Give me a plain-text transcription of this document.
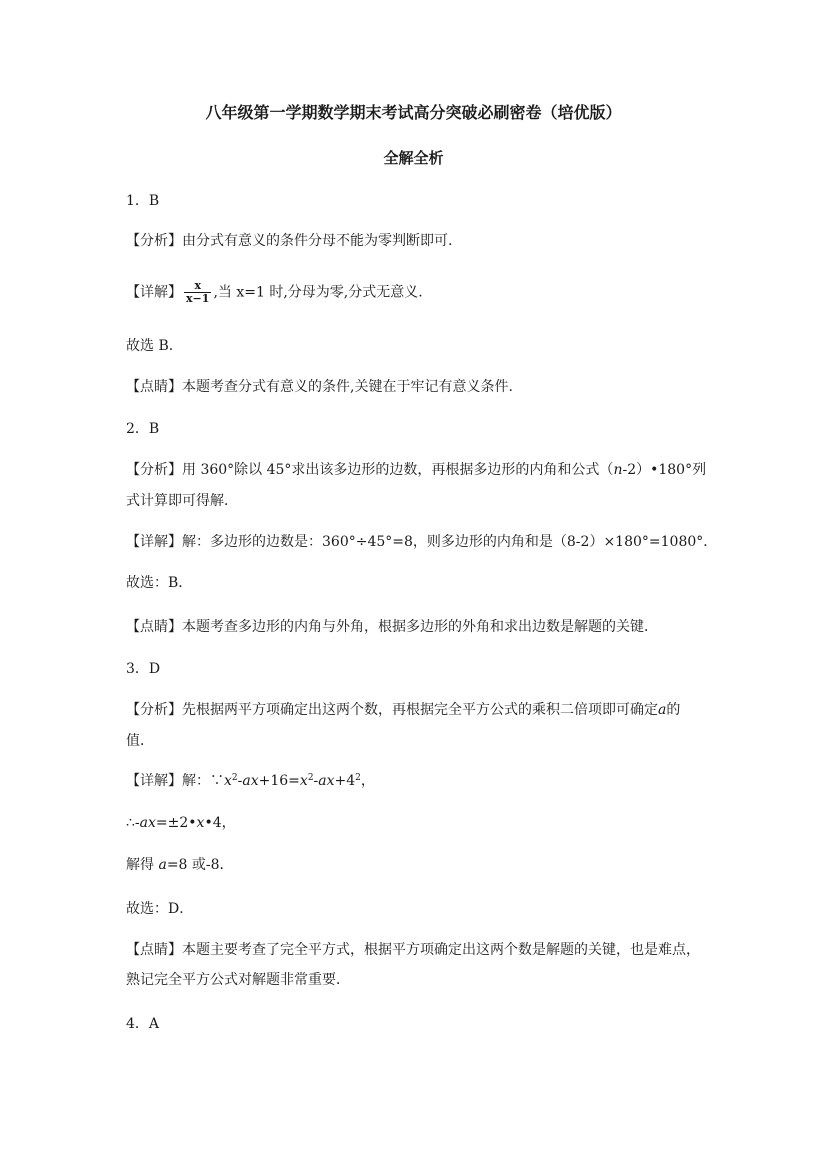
八年级第一学期数学期末考试高分突破必刷密卷（培优版）
全解全析
1．B
【分析】由分式有意义的条件分母不能为零判断即可.
【详解】 $\frac{x}{x-1}$ ,当 x=1 时,分母为零,分式无意义.
故选 B.
【点睛】本题考查分式有意义的条件,关键在于牢记有意义条件.
2．B
【分析】用 360°除以 45°求出该多边形的边数，再根据多边形的内角和公式（n-2）•180°列
式计算即可得解．
【详解】解：多边形的边数是：360°÷45°=8，则多边形的内角和是（8-2）×180°=1080°．
故选：B．
【点睛】本题考查多边形的内角与外角，根据多边形的外角和求出边数是解题的关键．
3．D
【分析】先根据两平方项确定出这两个数，再根据完全平方公式的乘积二倍项即可确定a的
值．
【详解】解：$\because x^2-ax+16=x^2-ax+4^2$，
∴-ax=±2•x•4，
解得 a=8 或-8．
故选：D．
【点睛】本题主要考查了完全平方式，根据平方项确定出这两个数是解题的关键，也是难点，
熟记完全平方公式对解题非常重要．
4．A
